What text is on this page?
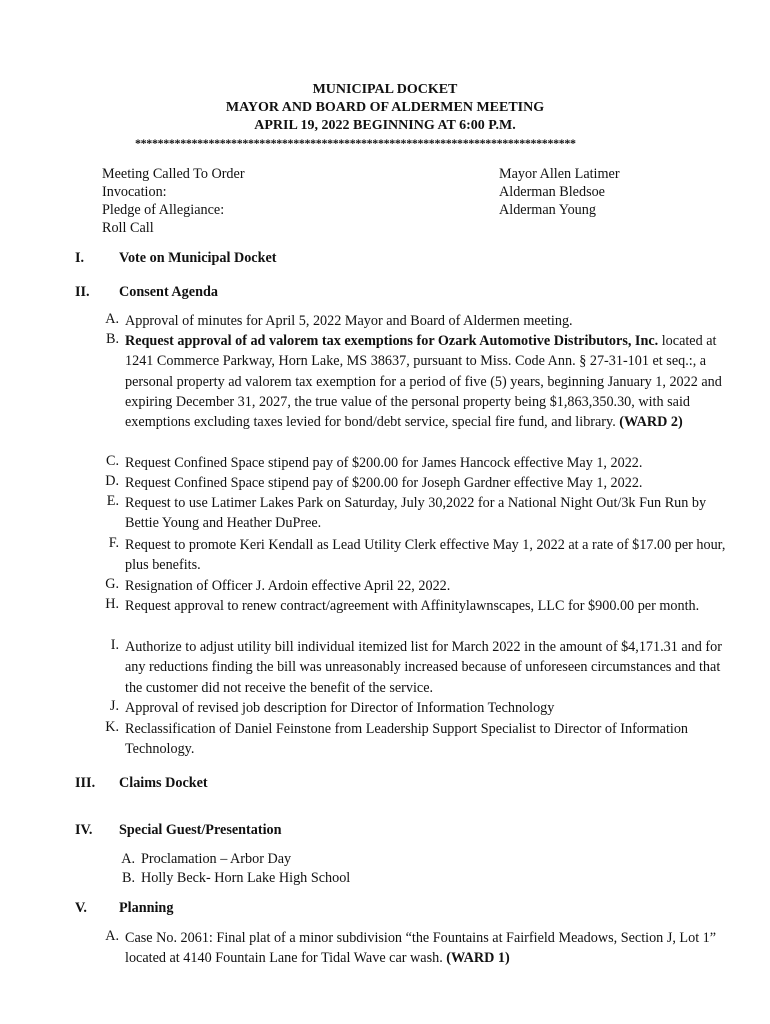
MUNICIPAL DOCKET
MAYOR AND BOARD OF ALDERMEN MEETING
APRIL 19, 2022 BEGINNING AT 6:00 P.M.
******************************************************************************
Meeting Called To Order
Invocation:
Pledge of Allegiance:
Roll Call
Mayor Allen Latimer
Alderman Bledsoe
Alderman Young
I. Vote on Municipal Docket
II. Consent Agenda
A. Approval of minutes for April 5, 2022 Mayor and Board of Aldermen meeting.
B. Request approval of ad valorem tax exemptions for Ozark Automotive Distributors, Inc. located at 1241 Commerce Parkway, Horn Lake, MS 38637, pursuant to Miss. Code Ann. § 27-31-101 et seq.:, a personal property ad valorem tax exemption for a period of five (5) years, beginning January 1, 2022 and expiring December 31, 2027, the true value of the personal property being $1,863,350.30, with said exemptions excluding taxes levied for bond/debt service, special fire fund, and library. (WARD 2)
C. Request Confined Space stipend pay of $200.00 for James Hancock effective May 1, 2022.
D. Request Confined Space stipend pay of $200.00 for Joseph Gardner effective May 1, 2022.
E. Request to use Latimer Lakes Park on Saturday, July 30,2022 for a National Night Out/3k Fun Run by Bettie Young and Heather DuPree.
F. Request to promote Keri Kendall as Lead Utility Clerk effective May 1, 2022 at a rate of $17.00 per hour, plus benefits.
G. Resignation of Officer J. Ardoin effective April 22, 2022.
H. Request approval to renew contract/agreement with Affinitylawnscapes, LLC for $900.00 per month.
I. Authorize to adjust utility bill individual itemized list for March 2022 in the amount of $4,171.31 and for any reductions finding the bill was unreasonably increased because of unforeseen circumstances and that the customer did not receive the benefit of the service.
J. Approval of revised job description for Director of Information Technology
K. Reclassification of Daniel Feinstone from Leadership Support Specialist to Director of Information Technology.
III. Claims Docket
IV. Special Guest/Presentation
A. Proclamation – Arbor Day
B. Holly Beck- Horn Lake High School
V. Planning
A. Case No. 2061: Final plat of a minor subdivision “the Fountains at Fairfield Meadows, Section J, Lot 1” located at 4140 Fountain Lane for Tidal Wave car wash. (WARD 1)
